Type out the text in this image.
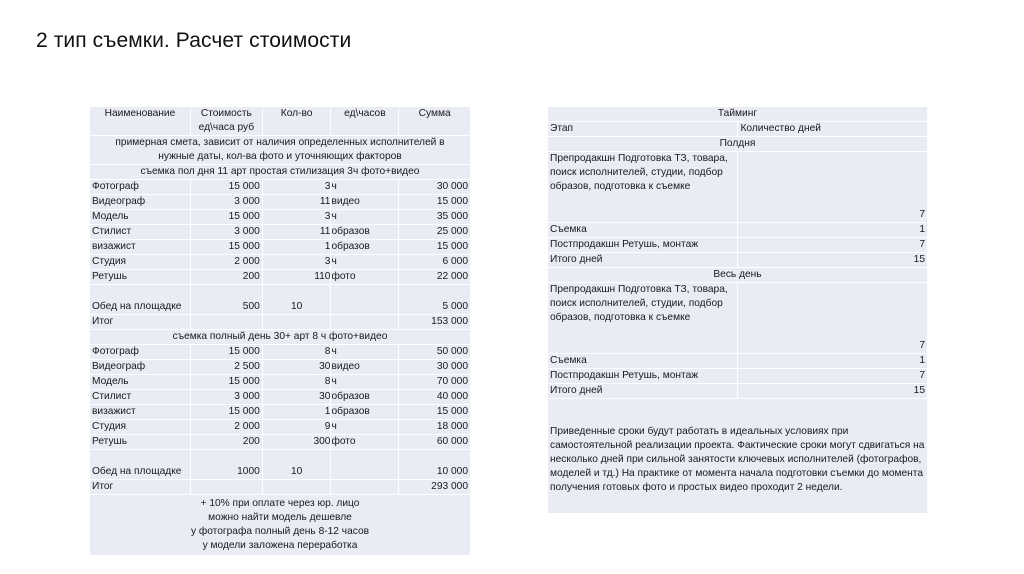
2 тип съемки. Расчет стоимости
Наименование	Стоимость ед\часа руб	Кол-во	ед\часов	Сумма
примерная смета, зависит от наличия определенных исполнителей в нужные даты, кол-ва фото и уточняющих факторов				
съемка пол дня 11 арт простая стилизация 3ч фото+видео				
Фотограф	15 000	3	ч	30 000
Видеограф	3 000	11	видео	15 000
Модель	15 000	3	ч	35 000
Стилист	3 000	11	образов	25 000
визажист	15 000	1	образов	15 000
Студия	2 000	3	ч	6 000
Ретушь	200	110	фото	22 000
Обед на площадке	500	10		5 000
Итог				153 000
съемка полный день 30+ арт 8 ч фото+видео				
Фотограф	15 000	8	ч	50 000
Видеограф	2 500	30	видео	30 000
Модель	15 000	8	ч	70 000
Стилист	3 000	30	образов	40 000
визажист	15 000	1	образов	15 000
Студия	2 000	9	ч	18 000
Ретушь	200	300	фото	60 000
Обед на площадке	1000	10		10 000
Итог				293 000

+ 10% при оплате через юр. лицо
можно найти модель дешевле
у фотографа полный день 8-12 часов
у модели заложена переработка				
Тайминг	
Этап	Количество дней
Полдня	
Препродакшн Подготовка ТЗ, товара, поиск исполнителей, студии, подбор образов, подготовка к съемке	7
Съемка	1
Постпродакшн Ретушь, монтаж	7
Итого дней	15
Весь день	
Препродакшн Подготовка ТЗ, товара, поиск исполнителей, студии, подбор образов, подготовка к съемке	7
Съемка	1
Постпродакшн Ретушь, монтаж	7
Итого дней	15
Приведенные сроки будут работать в идеальных условиях при самостоятельной реализации проекта. Фактические сроки могут сдвигаться на несколько дней при сильной занятости ключевых исполнителей (фотографов, моделей и тд.) На практике от момента начала подготовки съемки до момента получения готовых фото и простых видео проходит 2 недели.	
